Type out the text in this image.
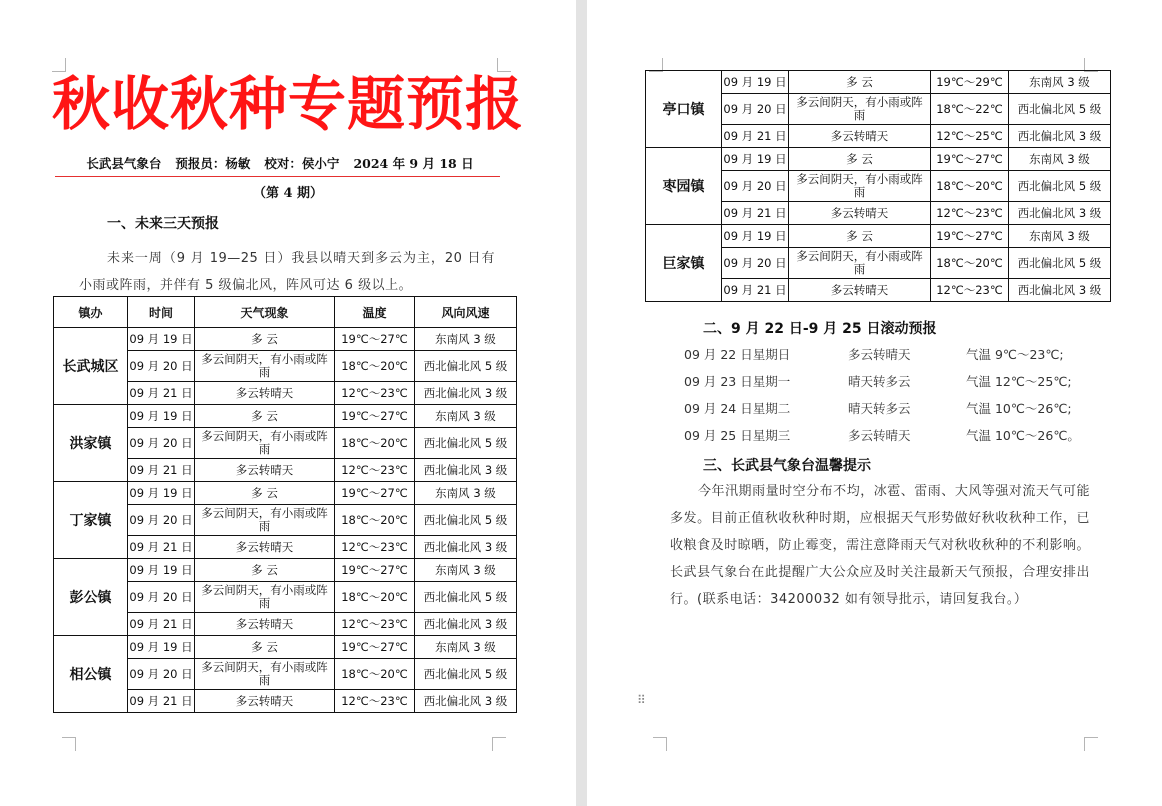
秋收秋种专题预报
长武县气象台 预报员：杨敏 校对：侯小宁 2024 年 9 月 18 日
（第 4 期）
一、未来三天预报
未来一周（9 月 19—25 日）我县以晴天到多云为主，20 日有小雨或阵雨，并伴有 5 级偏北风，阵风可达 6 级以上。
镇办	时间	天气现象	温度	风向风速
长武城区	09 月 19 日	多 云	19℃～27℃	东南风 3 级
	09 月 20 日	多云间阴天，有小雨或阵雨	18℃～20℃	西北偏北风 5 级
	09 月 21 日	多云转晴天	12℃～23℃	西北偏北风 3 级
洪家镇	09 月 19 日	多 云	19℃～27℃	东南风 3 级
	09 月 20 日	多云间阴天，有小雨或阵雨	18℃～20℃	西北偏北风 5 级
	09 月 21 日	多云转晴天	12℃～23℃	西北偏北风 3 级
丁家镇	09 月 19 日	多 云	19℃～27℃	东南风 3 级
	09 月 20 日	多云间阴天，有小雨或阵雨	18℃～20℃	西北偏北风 5 级
	09 月 21 日	多云转晴天	12℃～23℃	西北偏北风 3 级
彭公镇	09 月 19 日	多 云	19℃～27℃	东南风 3 级
	09 月 20 日	多云间阴天，有小雨或阵雨	18℃～20℃	西北偏北风 5 级
	09 月 21 日	多云转晴天	12℃～23℃	西北偏北风 3 级
相公镇	09 月 19 日	多 云	19℃～27℃	东南风 3 级
	09 月 20 日	多云间阴天，有小雨或阵雨	18℃～20℃	西北偏北风 5 级
	09 月 21 日	多云转晴天	12℃～23℃	西北偏北风 3 级
亭口镇	09 月 19 日	多 云	19℃～29℃	东南风 3 级
	09 月 20 日	多云间阴天，有小雨或阵雨	18℃～22℃	西北偏北风 5 级
	09 月 21 日	多云转晴天	12℃～25℃	西北偏北风 3 级
枣园镇	09 月 19 日	多 云	19℃～27℃	东南风 3 级
	09 月 20 日	多云间阴天，有小雨或阵雨	18℃～20℃	西北偏北风 5 级
	09 月 21 日	多云转晴天	12℃～23℃	西北偏北风 3 级
巨家镇	09 月 19 日	多 云	19℃～27℃	东南风 3 级
	09 月 20 日	多云间阴天，有小雨或阵雨	18℃～20℃	西北偏北风 5 级
	09 月 21 日	多云转晴天	12℃～23℃	西北偏北风 3 级
二、9 月 22 日-9 月 25 日滚动预报
09 月 22 日星期日	多云转晴天	气温 9℃～23℃;
09 月 23 日星期一	晴天转多云	气温 12℃～25℃;
09 月 24 日星期二	晴天转多云	气温 10℃～26℃;
09 月 25 日星期三	多云转晴天	气温 10℃～26℃。
三、长武县气象台温馨提示
今年汛期雨量时空分布不均，冰雹、雷雨、大风等强对流天气可能多发。目前正值秋收秋种时期，应根据天气形势做好秋收秋种工作，已收粮食及时晾晒，防止霉变，需注意降雨天气对秋收秋种的不利影响。长武县气象台在此提醒广大公众应及时关注最新天气预报，合理安排出行。(联系电话：34200032 如有领导批示，请回复我台。）
⠿
